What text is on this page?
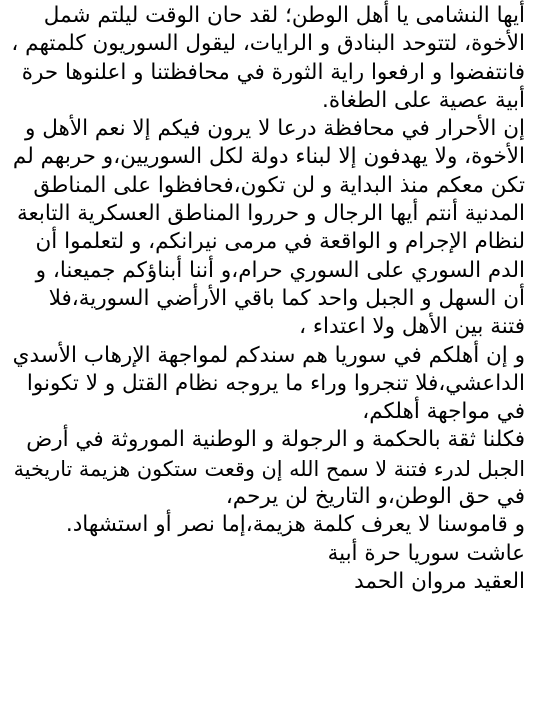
أيها النشامى يا أهل الوطن؛ لقد حان الوقت ليلتم شمل
الأخوة، لتتوحد البنادق و الرايات، ليقول السوريون كلمتهم ،
فانتفضوا و ارفعوا راية الثورة في محافظتنا و اعلنوها حرة
أبية عصية على الطغاة.
إن الأحرار في محافظة درعا لا يرون فيكم إلا نعم الأهل و
الأخوة، ولا يهدفون إلا لبناء دولة لكل السوريين،و حربهم لم
تكن معكم منذ البداية و لن تكون،فحافظوا على المناطق
المدنية أنتم أيها الرجال و حرروا المناطق العسكرية التابعة
لنظام الإجرام و الواقعة في مرمى نيرانكم، و لتعلموا أن
الدم السوري على السوري حرام،و أننا أبناؤكم جميعنا، و
أن السهل و الجبل واحد كما باقي الأرأضي السورية،فلا
فتنة بين الأهل ولا اعتداء ،
و إن أهلكم في سوريا هم سندكم لمواجهة الإرهاب الأسدي
الداعشي،فلا تنجروا وراء ما يروجه نظام القتل و لا تكونوا
في مواجهة أهلكم،
فكلنا ثقة بالحكمة و الرجولة و الوطنية الموروثة في أرض
الجبل لدرء فتنة لا سمح الله إن وقعت ستكون هزيمة تاريخية
في حق الوطن،و التاريخ لن يرحم،
و قاموسنا لا يعرف كلمة هزيمة،إما نصر أو استشهاد.
عاشت سوريا حرة أبية
العقيد مروان الحمد
